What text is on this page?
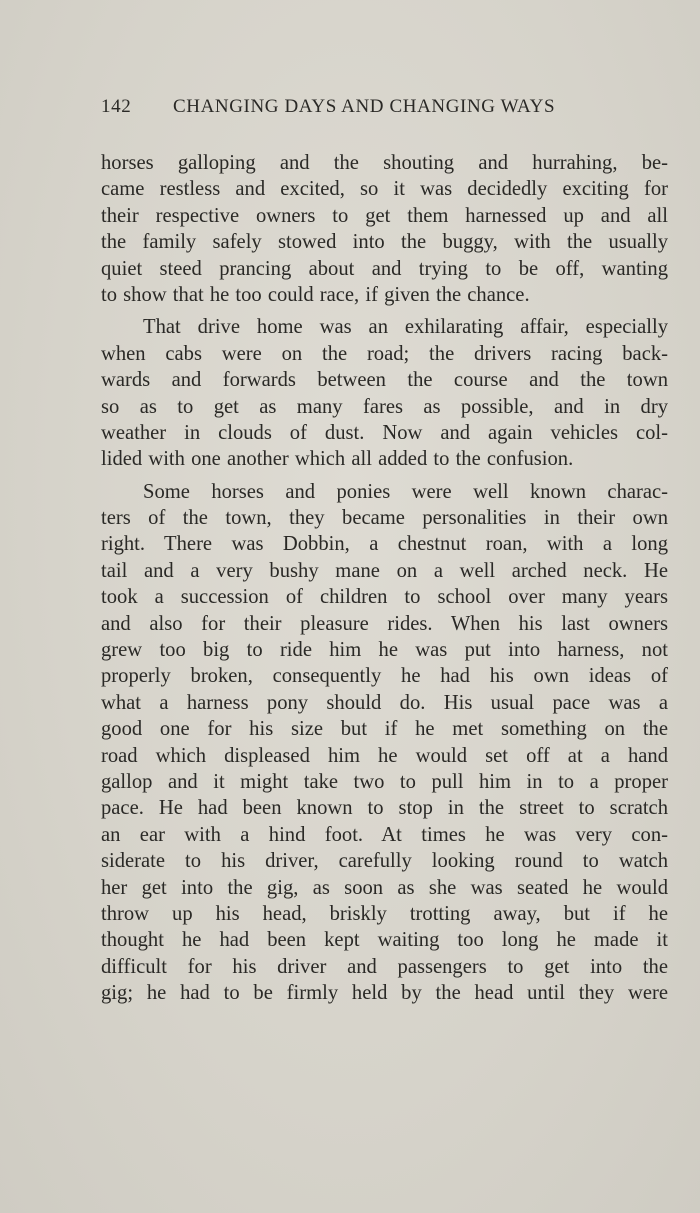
142 CHANGING DAYS AND CHANGING WAYS
horses galloping and the shouting and hurrahing, be-
came restless and excited, so it was decidedly exciting for
their respective owners to get them harnessed up and all
the family safely stowed into the buggy, with the usually
quiet steed prancing about and trying to be off, wanting
to show that he too could race, if given the chance.
That drive home was an exhilarating affair, especially
when cabs were on the road; the drivers racing back-
wards and forwards between the course and the town
so as to get as many fares as possible, and in dry
weather in clouds of dust. Now and again vehicles col-
lided with one another which all added to the confusion.
Some horses and ponies were well known charac-
ters of the town, they became personalities in their own
right. There was Dobbin, a chestnut roan, with a long
tail and a very bushy mane on a well arched neck. He
took a succession of children to school over many years
and also for their pleasure rides. When his last owners
grew too big to ride him he was put into harness, not
properly broken, consequently he had his own ideas of
what a harness pony should do. His usual pace was a
good one for his size but if he met something on the
road which displeased him he would set off at a hand
gallop and it might take two to pull him in to a proper
pace. He had been known to stop in the street to scratch
an ear with a hind foot. At times he was very con-
siderate to his driver, carefully looking round to watch
her get into the gig, as soon as she was seated he would
throw up his head, briskly trotting away, but if he
thought he had been kept waiting too long he made it
difficult for his driver and passengers to get into the
gig; he had to be firmly held by the head until they were
